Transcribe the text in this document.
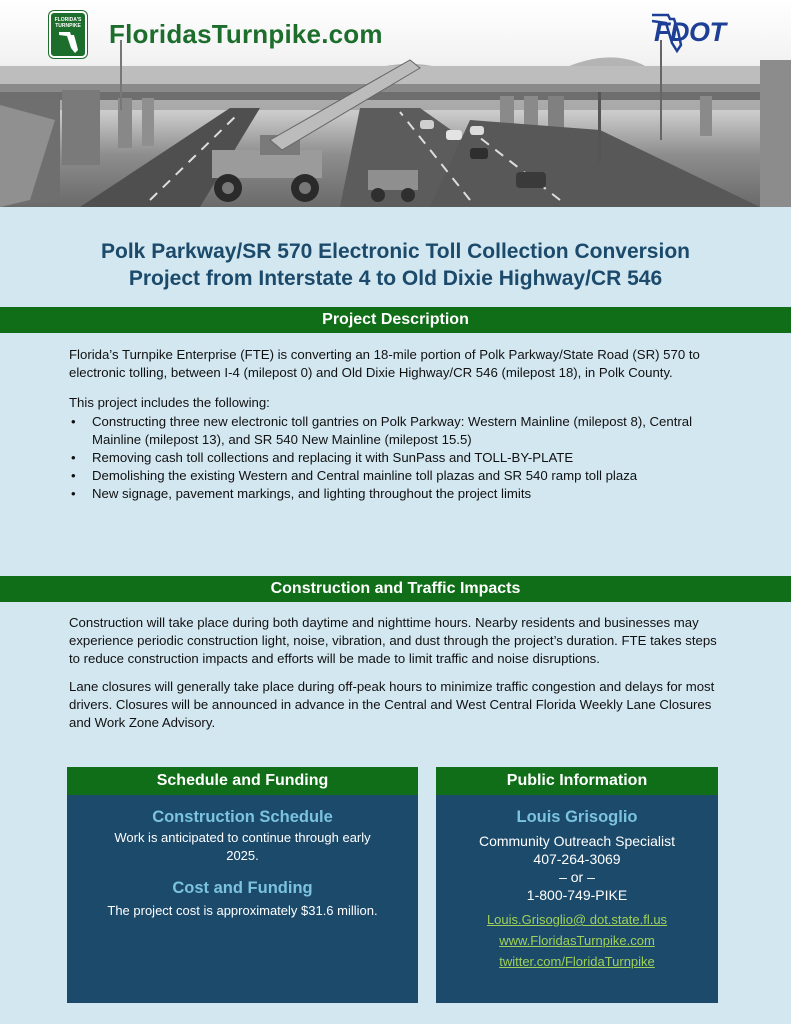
FLORIDA'S
TURNPIKE FloridasTurnpike.com	FDOT
Polk Parkway/SR 570 Electronic Toll Collection Conversion
Project from Interstate 4 to Old Dixie Highway/CR 546
Project Description

Florida’s Turnpike Enterprise (FTE) is converting an 18-mile portion of Polk Parkway/State Road (SR) 570 to electronic tolling, between I-4 (milepost 0) and Old Dixie Highway/CR 546 (milepost 18), in Polk County.

This project includes the following:
• Constructing three new electronic toll gantries on Polk Parkway: Western Mainline (milepost 8), Central Mainline (milepost 13), and SR 540 New Mainline (milepost 15.5)
• Removing cash toll collections and replacing it with SunPass and TOLL-BY-PLATE
• Demolishing the existing Western and Central mainline toll plazas and SR 540 ramp toll plaza
• New signage, pavement markings, and lighting throughout the project limits
Construction and Traffic Impacts

Construction will take place during both daytime and nighttime hours. Nearby residents and businesses may experience periodic construction light, noise, vibration, and dust through the project’s duration. FTE takes steps to reduce construction impacts and efforts will be made to limit traffic and noise disruptions.

Lane closures will generally take place during off-peak hours to minimize traffic congestion and delays for most drivers. Closures will be announced in advance in the Central and West Central Florida Weekly Lane Closures and Work Zone Advisory.

Schedule and Funding
Construction Schedule
Work is anticipated to continue through early 2025.
Cost and Funding
The project cost is approximately $31.6 million.
Public Information
Louis Grisoglio
Community Outreach Specialist
407-264-3069
– or –
1-800-749-PIKE
Louis.Grisoglio@ dot.state.fl.us
www.FloridasTurnpike.com
twitter.com/FloridaTurnpike
